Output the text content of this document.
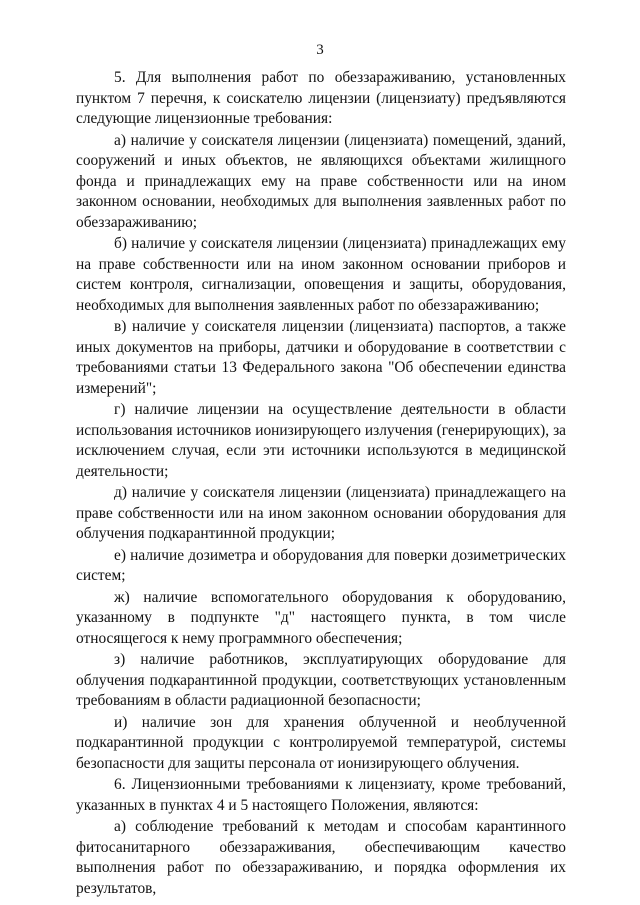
3

5. Для выполнения работ по обеззараживанию, установленных пунктом 7 перечня, к соискателю лицензии (лицензиату) предъявляются следующие лицензионные требования:

а) наличие у соискателя лицензии (лицензиата) помещений, зданий, сооружений и иных объектов, не являющихся объектами жилищного фонда и принадлежащих ему на праве собственности или на ином законном основании, необходимых для выполнения заявленных работ по обеззараживанию;

б) наличие у соискателя лицензии (лицензиата) принадлежащих ему на праве собственности или на ином законном основании приборов и систем контроля, сигнализации, оповещения и защиты, оборудования, необходимых для выполнения заявленных работ по обеззараживанию;

в) наличие у соискателя лицензии (лицензиата) паспортов, а также иных документов на приборы, датчики и оборудование в соответствии с требованиями статьи 13 Федерального закона "Об обеспечении единства измерений";

г) наличие лицензии на осуществление деятельности в области использования источников ионизирующего излучения (генерирующих), за исключением случая, если эти источники используются в медицинской деятельности;

д) наличие у соискателя лицензии (лицензиата) принадлежащего на праве собственности или на ином законном основании оборудования для облучения подкарантинной продукции;

е) наличие дозиметра и оборудования для поверки дозиметрических систем;

ж) наличие вспомогательного оборудования к оборудованию, указанному в подпункте "д" настоящего пункта, в том числе относящегося к нему программного обеспечения;

з) наличие работников, эксплуатирующих оборудование для облучения подкарантинной продукции, соответствующих установленным требованиям в области радиационной безопасности;

и) наличие зон для хранения облученной и необлученной подкарантинной продукции с контролируемой температурой, системы безопасности для защиты персонала от ионизирующего облучения.

6. Лицензионными требованиями к лицензиату, кроме требований, указанных в пунктах 4 и 5 настоящего Положения, являются:

а) соблюдение требований к методам и способам карантинного фитосанитарного обеззараживания, обеспечивающим качество выполнения работ по обеззараживанию, и порядка оформления их результатов,
